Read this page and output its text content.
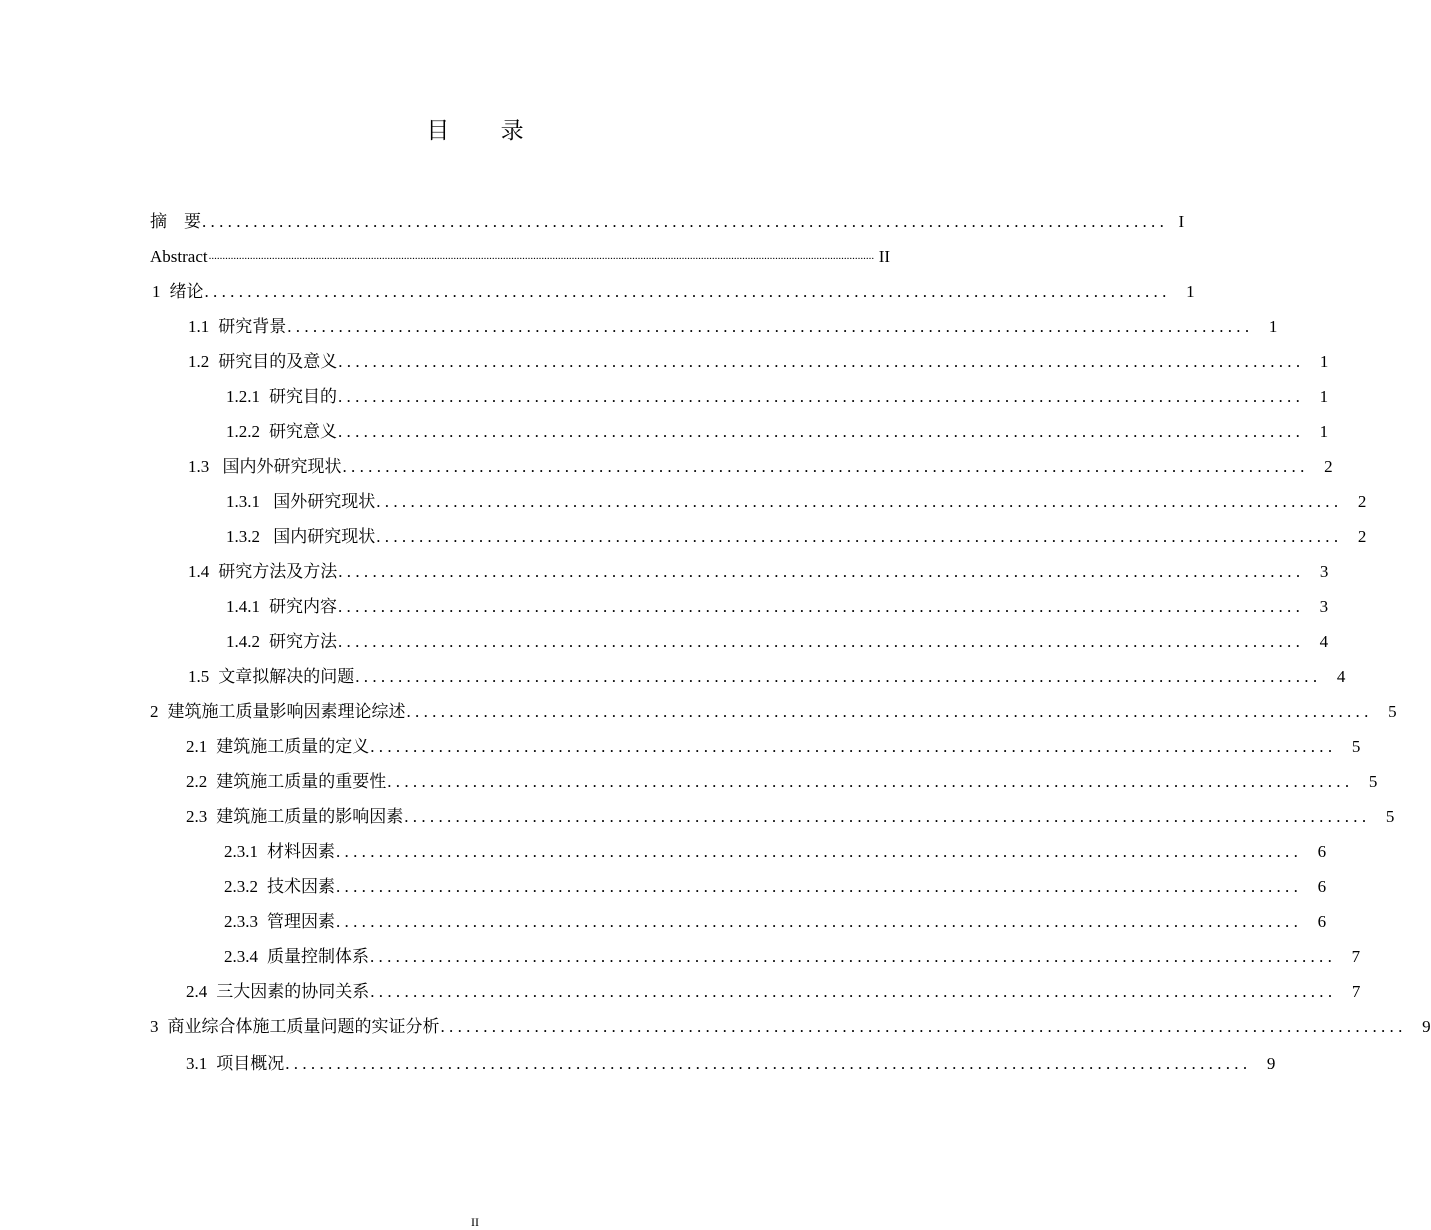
目 录
摘    要 ................................................................................................................. I
Abstract .................................................................................................................................................................................................................................................. II
1 绪论 ................................................................................................................. 1
1.1 研究背景 ................................................................................................................. 1
1.2 研究目的及意义 ................................................................................................................. 1
1.2.1 研究目的 ................................................................................................................. 1
1.2.2 研究意义 ................................................................................................................. 1
1.3 国内外研究现状 ................................................................................................................. 2
1.3.1 国外研究现状 ................................................................................................................. 2
1.3.2 国内研究现状 ................................................................................................................. 2
1.4 研究方法及方法 ................................................................................................................. 3
1.4.1 研究内容 ................................................................................................................. 3
1.4.2 研究方法 ................................................................................................................. 4
1.5 文章拟解决的问题 ................................................................................................................. 4
2 建筑施工质量影响因素理论综述 ................................................................................................................. 5
2.1 建筑施工质量的定义 ................................................................................................................. 5
2.2 建筑施工质量的重要性 ................................................................................................................. 5
2.3 建筑施工质量的影响因素 ................................................................................................................. 5
2.3.1 材料因素 ................................................................................................................. 6
2.3.2 技术因素 ................................................................................................................. 6
2.3.3 管理因素 ................................................................................................................. 6
2.3.4 质量控制体系 ................................................................................................................. 7
2.4 三大因素的协同关系 ................................................................................................................. 7
3 商业综合体施工质量问题的实证分析 ................................................................................................................. 9
3.1 项目概况 ................................................................................................................. 9
II
